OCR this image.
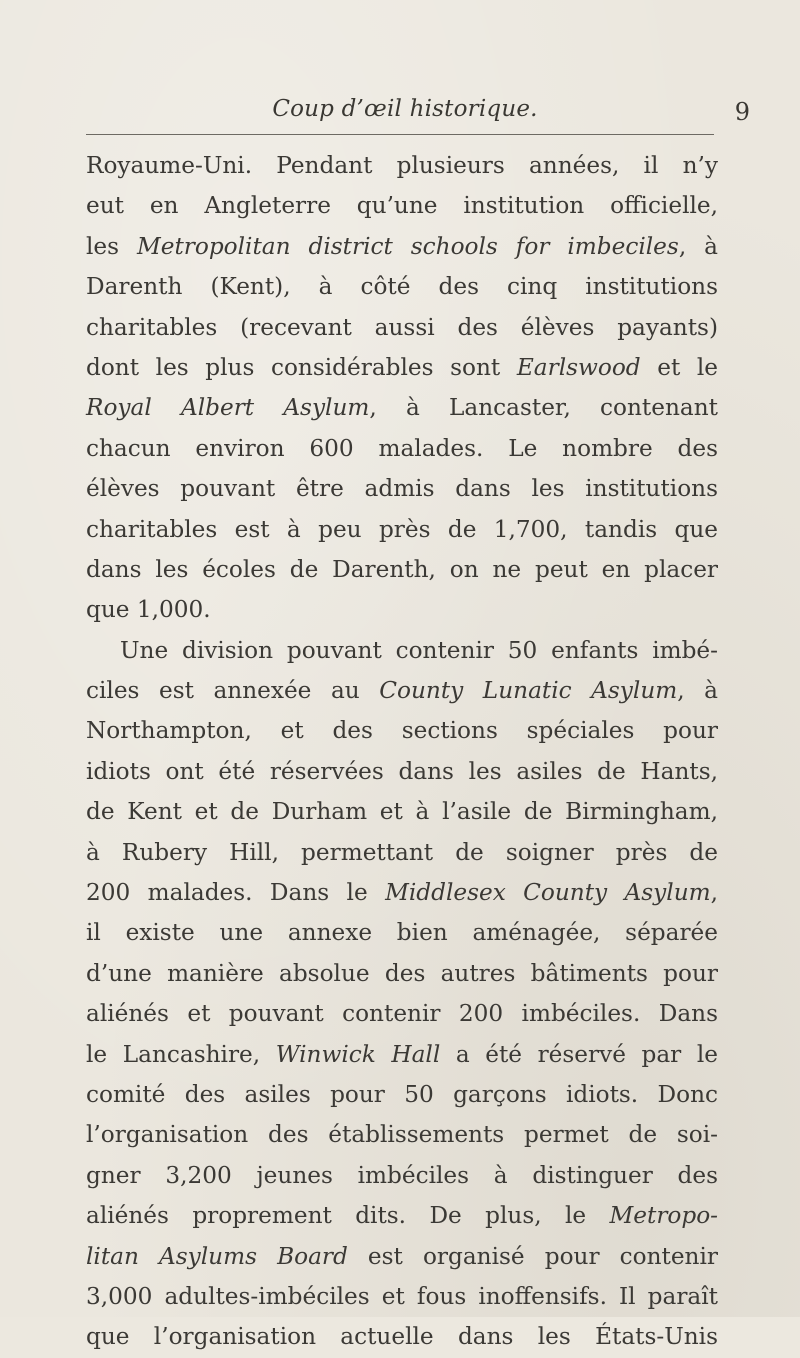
Coup d’œil historique.	9
Royaume-Uni. Pendant plusieurs années, il n’y
eut en Angleterre qu’une institution officielle,
les Metropolitan district schools for imbeciles, à
Darenth (Kent), à côté des cinq institutions
charitables (recevant aussi des élèves payants)
dont les plus considérables sont Earlswood et le
Royal Albert Asylum, à Lancaster, contenant
chacun environ 600 malades. Le nombre des
élèves pouvant être admis dans les institutions
charitables est à peu près de 1,700, tandis que
dans les écoles de Darenth, on ne peut en placer
que 1,000.
Une division pouvant contenir 50 enfants imbé-
ciles est annexée au County Lunatic Asylum, à
Northampton, et des sections spéciales pour
idiots ont été réservées dans les asiles de Hants,
de Kent et de Durham et à l’asile de Birmingham,
à Rubery Hill, permettant de soigner près de
200 malades. Dans le Middlesex County Asylum,
il existe une annexe bien aménagée, séparée
d’une manière absolue des autres bâtiments pour
aliénés et pouvant contenir 200 imbéciles. Dans
le Lancashire, Winwick Hall a été réservé par le
comité des asiles pour 50 garçons idiots. Donc
l’organisation des établissements permet de soi-
gner 3,200 jeunes imbéciles à distinguer des
aliénés proprement dits. De plus, le Metropo-
litan Asylums Board est organisé pour contenir
3,000 adultes-imbéciles et fous inoffensifs. Il paraît
que l’organisation actuelle dans les États-Unis
